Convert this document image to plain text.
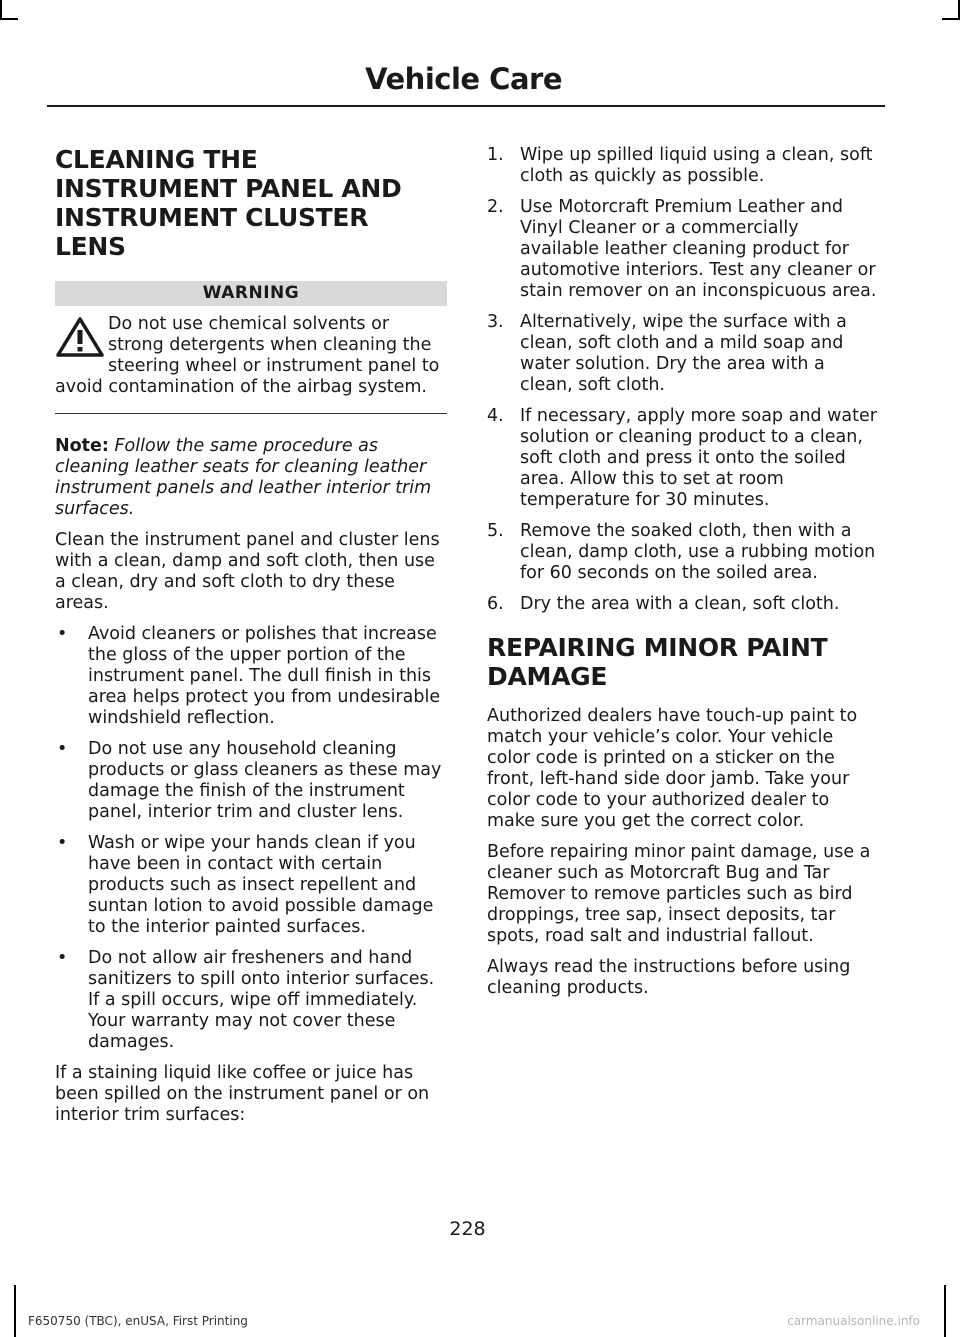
Vehicle Care
CLEANING THE INSTRUMENT PANEL AND INSTRUMENT CLUSTER LENS
WARNING
Do not use chemical solvents or strong detergents when cleaning the steering wheel or instrument panel to avoid contamination of the airbag system.

Note: Follow the same procedure as cleaning leather seats for cleaning leather instrument panels and leather interior trim surfaces.

Clean the instrument panel and cluster lens with a clean, damp and soft cloth, then use a clean, dry and soft cloth to dry these areas.

• Avoid cleaners or polishes that increase the gloss of the upper portion of the instrument panel. The dull finish in this area helps protect you from undesirable windshield reflection.
• Do not use any household cleaning products or glass cleaners as these may damage the finish of the instrument panel, interior trim and cluster lens.
• Wash or wipe your hands clean if you have been in contact with certain products such as insect repellent and suntan lotion to avoid possible damage to the interior painted surfaces.
• Do not allow air fresheners and hand sanitizers to spill onto interior surfaces. If a spill occurs, wipe off immediately. Your warranty may not cover these damages.

If a staining liquid like coffee or juice has been spilled on the instrument panel or on interior trim surfaces:

1. Wipe up spilled liquid using a clean, soft cloth as quickly as possible.
2. Use Motorcraft Premium Leather and Vinyl Cleaner or a commercially available leather cleaning product for automotive interiors. Test any cleaner or stain remover on an inconspicuous area.
3. Alternatively, wipe the surface with a clean, soft cloth and a mild soap and water solution. Dry the area with a clean, soft cloth.
4. If necessary, apply more soap and water solution or cleaning product to a clean, soft cloth and press it onto the soiled area. Allow this to set at room temperature for 30 minutes.
5. Remove the soaked cloth, then with a clean, damp cloth, use a rubbing motion for 60 seconds on the soiled area.
6. Dry the area with a clean, soft cloth.
REPAIRING MINOR PAINT DAMAGE

Authorized dealers have touch-up paint to match your vehicle’s color. Your vehicle color code is printed on a sticker on the front, left-hand side door jamb. Take your color code to your authorized dealer to make sure you get the correct color.

Before repairing minor paint damage, use a cleaner such as Motorcraft Bug and Tar Remover to remove particles such as bird droppings, tree sap, insect deposits, tar spots, road salt and industrial fallout.

Always read the instructions before using cleaning products.

228
F650750 (TBC), enUSA, First Printing	carmanualsonline.info
